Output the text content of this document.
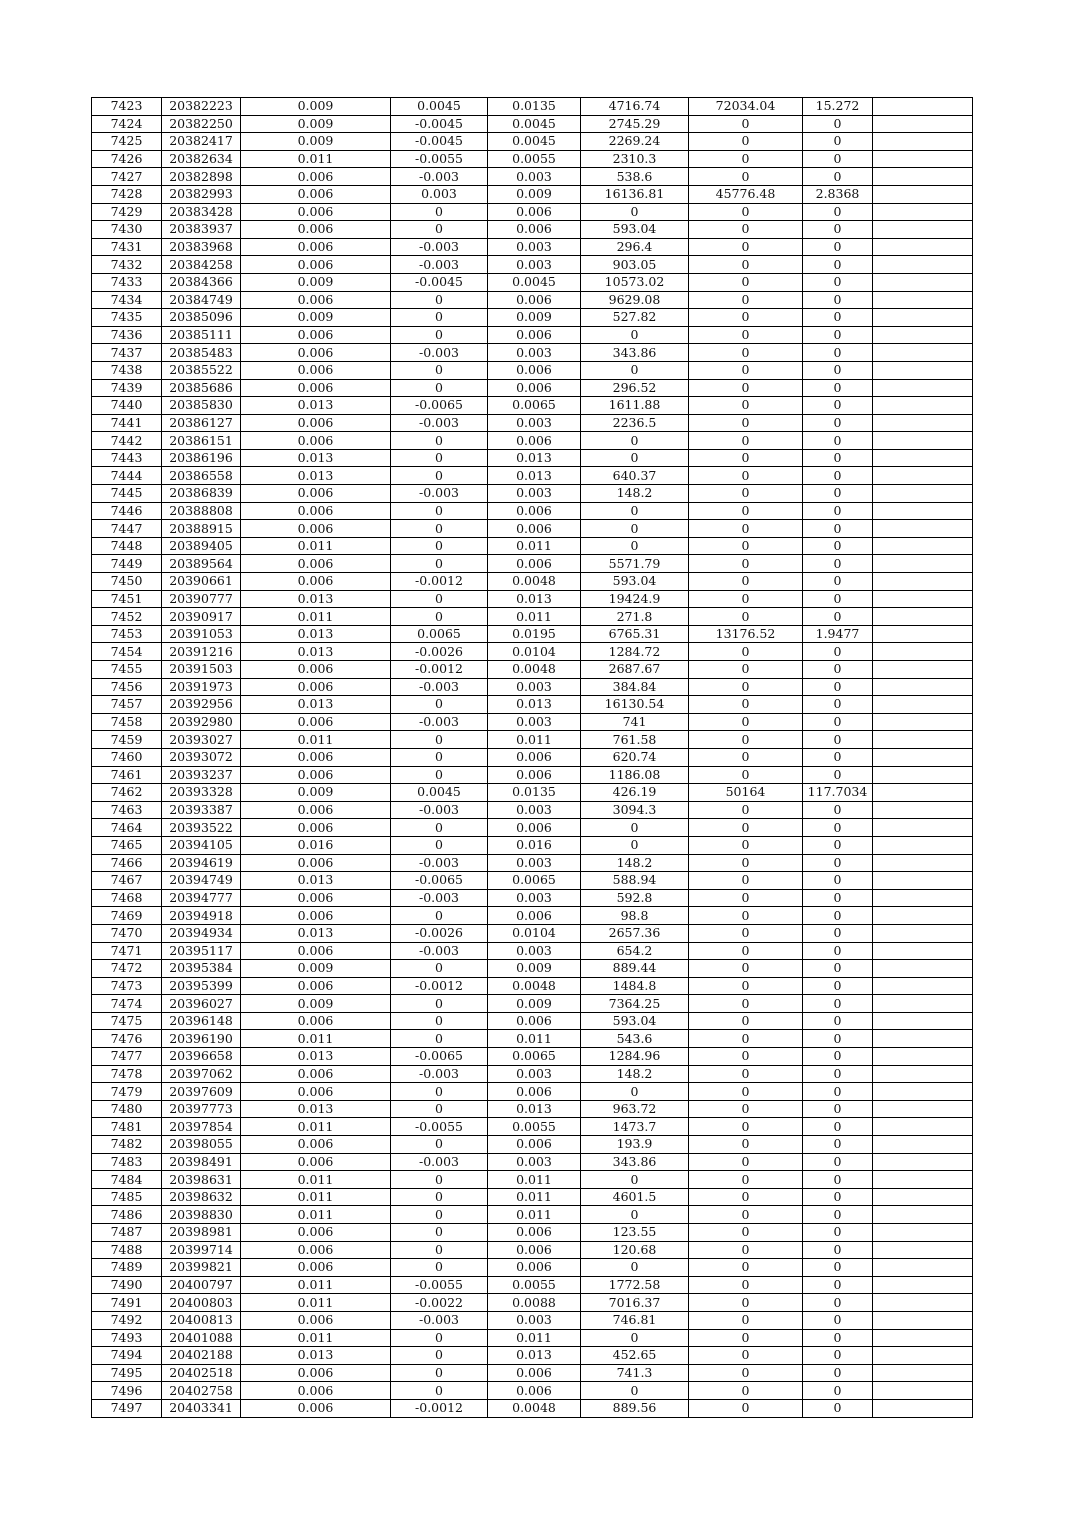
7423	20382223	0.009	0.0045	0.0135	4716.74	72034.04	15.272	
7424	20382250	0.009	-0.0045	0.0045	2745.29	0	0	
7425	20382417	0.009	-0.0045	0.0045	2269.24	0	0	
7426	20382634	0.011	-0.0055	0.0055	2310.3	0	0	
7427	20382898	0.006	-0.003	0.003	538.6	0	0	
7428	20382993	0.006	0.003	0.009	16136.81	45776.48	2.8368	
7429	20383428	0.006	0	0.006	0	0	0	
7430	20383937	0.006	0	0.006	593.04	0	0	
7431	20383968	0.006	-0.003	0.003	296.4	0	0	
7432	20384258	0.006	-0.003	0.003	903.05	0	0	
7433	20384366	0.009	-0.0045	0.0045	10573.02	0	0	
7434	20384749	0.006	0	0.006	9629.08	0	0	
7435	20385096	0.009	0	0.009	527.82	0	0	
7436	20385111	0.006	0	0.006	0	0	0	
7437	20385483	0.006	-0.003	0.003	343.86	0	0	
7438	20385522	0.006	0	0.006	0	0	0	
7439	20385686	0.006	0	0.006	296.52	0	0	
7440	20385830	0.013	-0.0065	0.0065	1611.88	0	0	
7441	20386127	0.006	-0.003	0.003	2236.5	0	0	
7442	20386151	0.006	0	0.006	0	0	0	
7443	20386196	0.013	0	0.013	0	0	0	
7444	20386558	0.013	0	0.013	640.37	0	0	
7445	20386839	0.006	-0.003	0.003	148.2	0	0	
7446	20388808	0.006	0	0.006	0	0	0	
7447	20388915	0.006	0	0.006	0	0	0	
7448	20389405	0.011	0	0.011	0	0	0	
7449	20389564	0.006	0	0.006	5571.79	0	0	
7450	20390661	0.006	-0.0012	0.0048	593.04	0	0	
7451	20390777	0.013	0	0.013	19424.9	0	0	
7452	20390917	0.011	0	0.011	271.8	0	0	
7453	20391053	0.013	0.0065	0.0195	6765.31	13176.52	1.9477	
7454	20391216	0.013	-0.0026	0.0104	1284.72	0	0	
7455	20391503	0.006	-0.0012	0.0048	2687.67	0	0	
7456	20391973	0.006	-0.003	0.003	384.84	0	0	
7457	20392956	0.013	0	0.013	16130.54	0	0	
7458	20392980	0.006	-0.003	0.003	741	0	0	
7459	20393027	0.011	0	0.011	761.58	0	0	
7460	20393072	0.006	0	0.006	620.74	0	0	
7461	20393237	0.006	0	0.006	1186.08	0	0	
7462	20393328	0.009	0.0045	0.0135	426.19	50164	117.7034	
7463	20393387	0.006	-0.003	0.003	3094.3	0	0	
7464	20393522	0.006	0	0.006	0	0	0	
7465	20394105	0.016	0	0.016	0	0	0	
7466	20394619	0.006	-0.003	0.003	148.2	0	0	
7467	20394749	0.013	-0.0065	0.0065	588.94	0	0	
7468	20394777	0.006	-0.003	0.003	592.8	0	0	
7469	20394918	0.006	0	0.006	98.8	0	0	
7470	20394934	0.013	-0.0026	0.0104	2657.36	0	0	
7471	20395117	0.006	-0.003	0.003	654.2	0	0	
7472	20395384	0.009	0	0.009	889.44	0	0	
7473	20395399	0.006	-0.0012	0.0048	1484.8	0	0	
7474	20396027	0.009	0	0.009	7364.25	0	0	
7475	20396148	0.006	0	0.006	593.04	0	0	
7476	20396190	0.011	0	0.011	543.6	0	0	
7477	20396658	0.013	-0.0065	0.0065	1284.96	0	0	
7478	20397062	0.006	-0.003	0.003	148.2	0	0	
7479	20397609	0.006	0	0.006	0	0	0	
7480	20397773	0.013	0	0.013	963.72	0	0	
7481	20397854	0.011	-0.0055	0.0055	1473.7	0	0	
7482	20398055	0.006	0	0.006	193.9	0	0	
7483	20398491	0.006	-0.003	0.003	343.86	0	0	
7484	20398631	0.011	0	0.011	0	0	0	
7485	20398632	0.011	0	0.011	4601.5	0	0	
7486	20398830	0.011	0	0.011	0	0	0	
7487	20398981	0.006	0	0.006	123.55	0	0	
7488	20399714	0.006	0	0.006	120.68	0	0	
7489	20399821	0.006	0	0.006	0	0	0	
7490	20400797	0.011	-0.0055	0.0055	1772.58	0	0	
7491	20400803	0.011	-0.0022	0.0088	7016.37	0	0	
7492	20400813	0.006	-0.003	0.003	746.81	0	0	
7493	20401088	0.011	0	0.011	0	0	0	
7494	20402188	0.013	0	0.013	452.65	0	0	
7495	20402518	0.006	0	0.006	741.3	0	0	
7496	20402758	0.006	0	0.006	0	0	0	
7497	20403341	0.006	-0.0012	0.0048	889.56	0	0	
